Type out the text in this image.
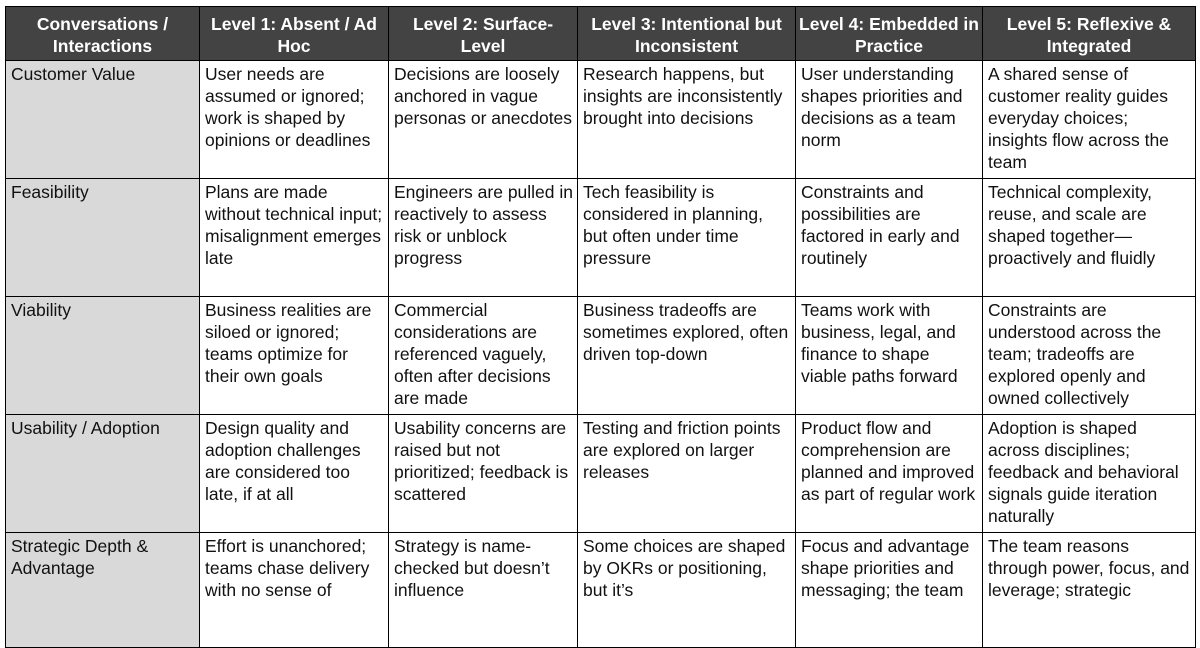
Conversations / Interactions	Level 1: Absent / Ad Hoc	Level 2: Surface-Level	Level 3: Intentional but Inconsistent	Level 4: Embedded in Practice	Level 5: Reflexive & Integrated
Customer Value	User needs are assumed or ignored; work is shaped by opinions or deadlines	Decisions are loosely anchored in vague personas or anecdotes	Research happens, but insights are inconsistently brought into decisions	User understanding shapes priorities and decisions as a team norm	A shared sense of customer reality guides everyday choices; insights flow across the team
Feasibility	Plans are made without technical input; misalignment emerges late	Engineers are pulled in reactively to assess risk or unblock progress	Tech feasibility is considered in planning, but often under time pressure	Constraints and possibilities are factored in early and routinely	Technical complexity, reuse, and scale are shaped together—proactively and fluidly
Viability	Business realities are siloed or ignored; teams optimize for their own goals	Commercial considerations are referenced vaguely, often after decisions are made	Business tradeoffs are sometimes explored, often driven top-down	Teams work with business, legal, and finance to shape viable paths forward	Constraints are understood across the team; tradeoffs are explored openly and owned collectively
Usability / Adoption	Design quality and adoption challenges are considered too late, if at all	Usability concerns are raised but not prioritized; feedback is scattered	Testing and friction points are explored on larger releases	Product flow and comprehension are planned and improved as part of regular work	Adoption is shaped across disciplines; feedback and behavioral signals guide iteration naturally
Strategic Depth & Advantage	Effort is unanchored; teams chase delivery with no sense of	Strategy is name-checked but doesn’t influence	Some choices are shaped by OKRs or positioning, but it’s	Focus and advantage shape priorities and messaging; the team	The team reasons through power, focus, and leverage; strategic
